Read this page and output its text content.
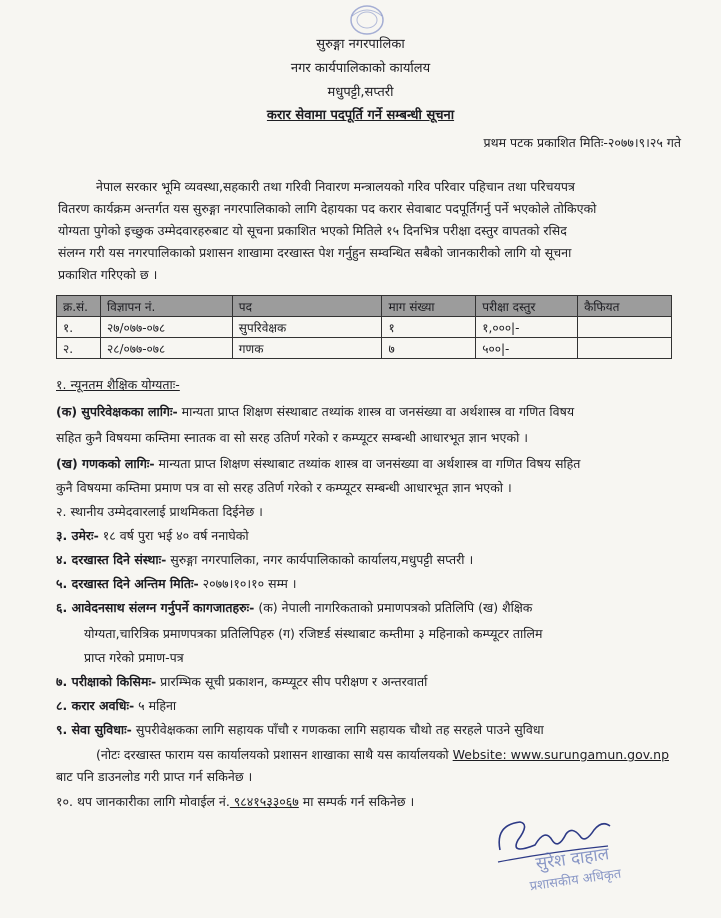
सुरुङ्गा नगरपालिका
नगर कार्यपालिकाको कार्यालय
मधुपट्टी,सप्तरी
करार सेवामा पदपूर्ति गर्ने सम्बन्धी सूचना
प्रथम पटक प्रकाशित मितिः-२०७७।९।२५ गते
नेपाल सरकार भूमि व्यवस्था,सहकारी तथा गरिवी निवारण मन्त्रालयको गरिव परिवार पहिचान तथा परिचयपत्र
वितरण कार्यक्रम अन्तर्गत यस सुरुङ्गा नगरपालिकाको लागि देहायका पद करार सेवाबाट पदपूर्तिगर्नु पर्ने भएकोले तोकिएको
योग्यता पुगेको इच्छुक उम्मेदवारहरुबाट यो सूचना प्रकाशित भएको मितिले १५ दिनभित्र परीक्षा दस्तुर वापतको रसिद
संलग्न गरी यस नगरपालिकाको प्रशासन शाखामा दरखास्त पेश गर्नुहुन सम्वन्धित सबैको जानकारीको लागि यो सूचना
प्रकाशित गरिएको छ ।
क्र.सं.	विज्ञापन नं.	पद	माग संख्या	परीक्षा दस्तुर	कैफियत
१.	२७/०७७-०७८	सुपरिवेक्षक	१	१,०००|-	
२.	२८/०७७-०७८	गणक	७	५००|-	
१. न्यूनतम शैक्षिक योग्यताः-
(क) सुपरिवेक्षकका लागिः- मान्यता प्राप्त शिक्षण संस्थाबाट तथ्यांक शास्त्र वा जनसंख्या वा अर्थशास्त्र वा गणित विषय
सहित कुनै विषयमा कम्तिमा स्नातक वा सो सरह उतिर्ण गरेको र कम्प्यूटर सम्बन्धी आधारभूत ज्ञान भएको ।
(ख) गणकको लागिः- मान्यता प्राप्त शिक्षण संस्थाबाट तथ्यांक शास्त्र वा जनसंख्या वा अर्थशास्त्र वा गणित विषय सहित
कुनै विषयमा कम्तिमा प्रमाण पत्र वा सो सरह उतिर्ण गरेको र कम्प्यूटर सम्बन्धी आधारभूत ज्ञान भएको ।
२. स्थानीय उम्मेदवारलाई प्राथमिकता दिईनेछ ।
३. उमेरः- १८ वर्ष पुरा भई ४० वर्ष ननाघेको
४. दरखास्त दिने संस्थाः- सुरुङ्गा नगरपालिका, नगर कार्यपालिकाको कार्यालय,मधुपट्टी सप्तरी ।
५. दरखास्त दिने अन्तिम मितिः- २०७७।१०।१० सम्म ।
६. आवेदनसाथ संलग्न गर्नुपर्ने कागजातहरुः- (क) नेपाली नागरिकताको प्रमाणपत्रको प्रतिलिपि (ख) शैक्षिक
योग्यता,चारित्रिक प्रमाणपत्रका प्रतिलिपिहरु (ग) रजिष्टर्ड संस्थाबाट कम्तीमा ३ महिनाको कम्प्यूटर तालिम
प्राप्त गरेको प्रमाण-पत्र
७. परीक्षाको किसिमः- प्रारम्भिक सूची प्रकाशन, कम्प्यूटर सीप परीक्षण र अन्तरवार्ता
८. करार अवधिः- ५ महिना
९. सेवा सुविधाः- सुपरीवेक्षकका लागि सहायक पाँचौ र गणकका लागि सहायक चौथो तह सरहले पाउने सुविधा
(नोटः दरखास्त फाराम यस कार्यालयको प्रशासन शाखाका साथै यस कार्यालयको Website: www.surungamun.gov.np
बाट पनि डाउनलोड गरी प्राप्त गर्न सकिनेछ ।
१०. थप जानकारीका लागि मोवाईल नं. ९८४१५३३०६७ मा सम्पर्क गर्न सकिनेछ ।
सुरेश दाहाल
प्रशासकीय अधिकृत
